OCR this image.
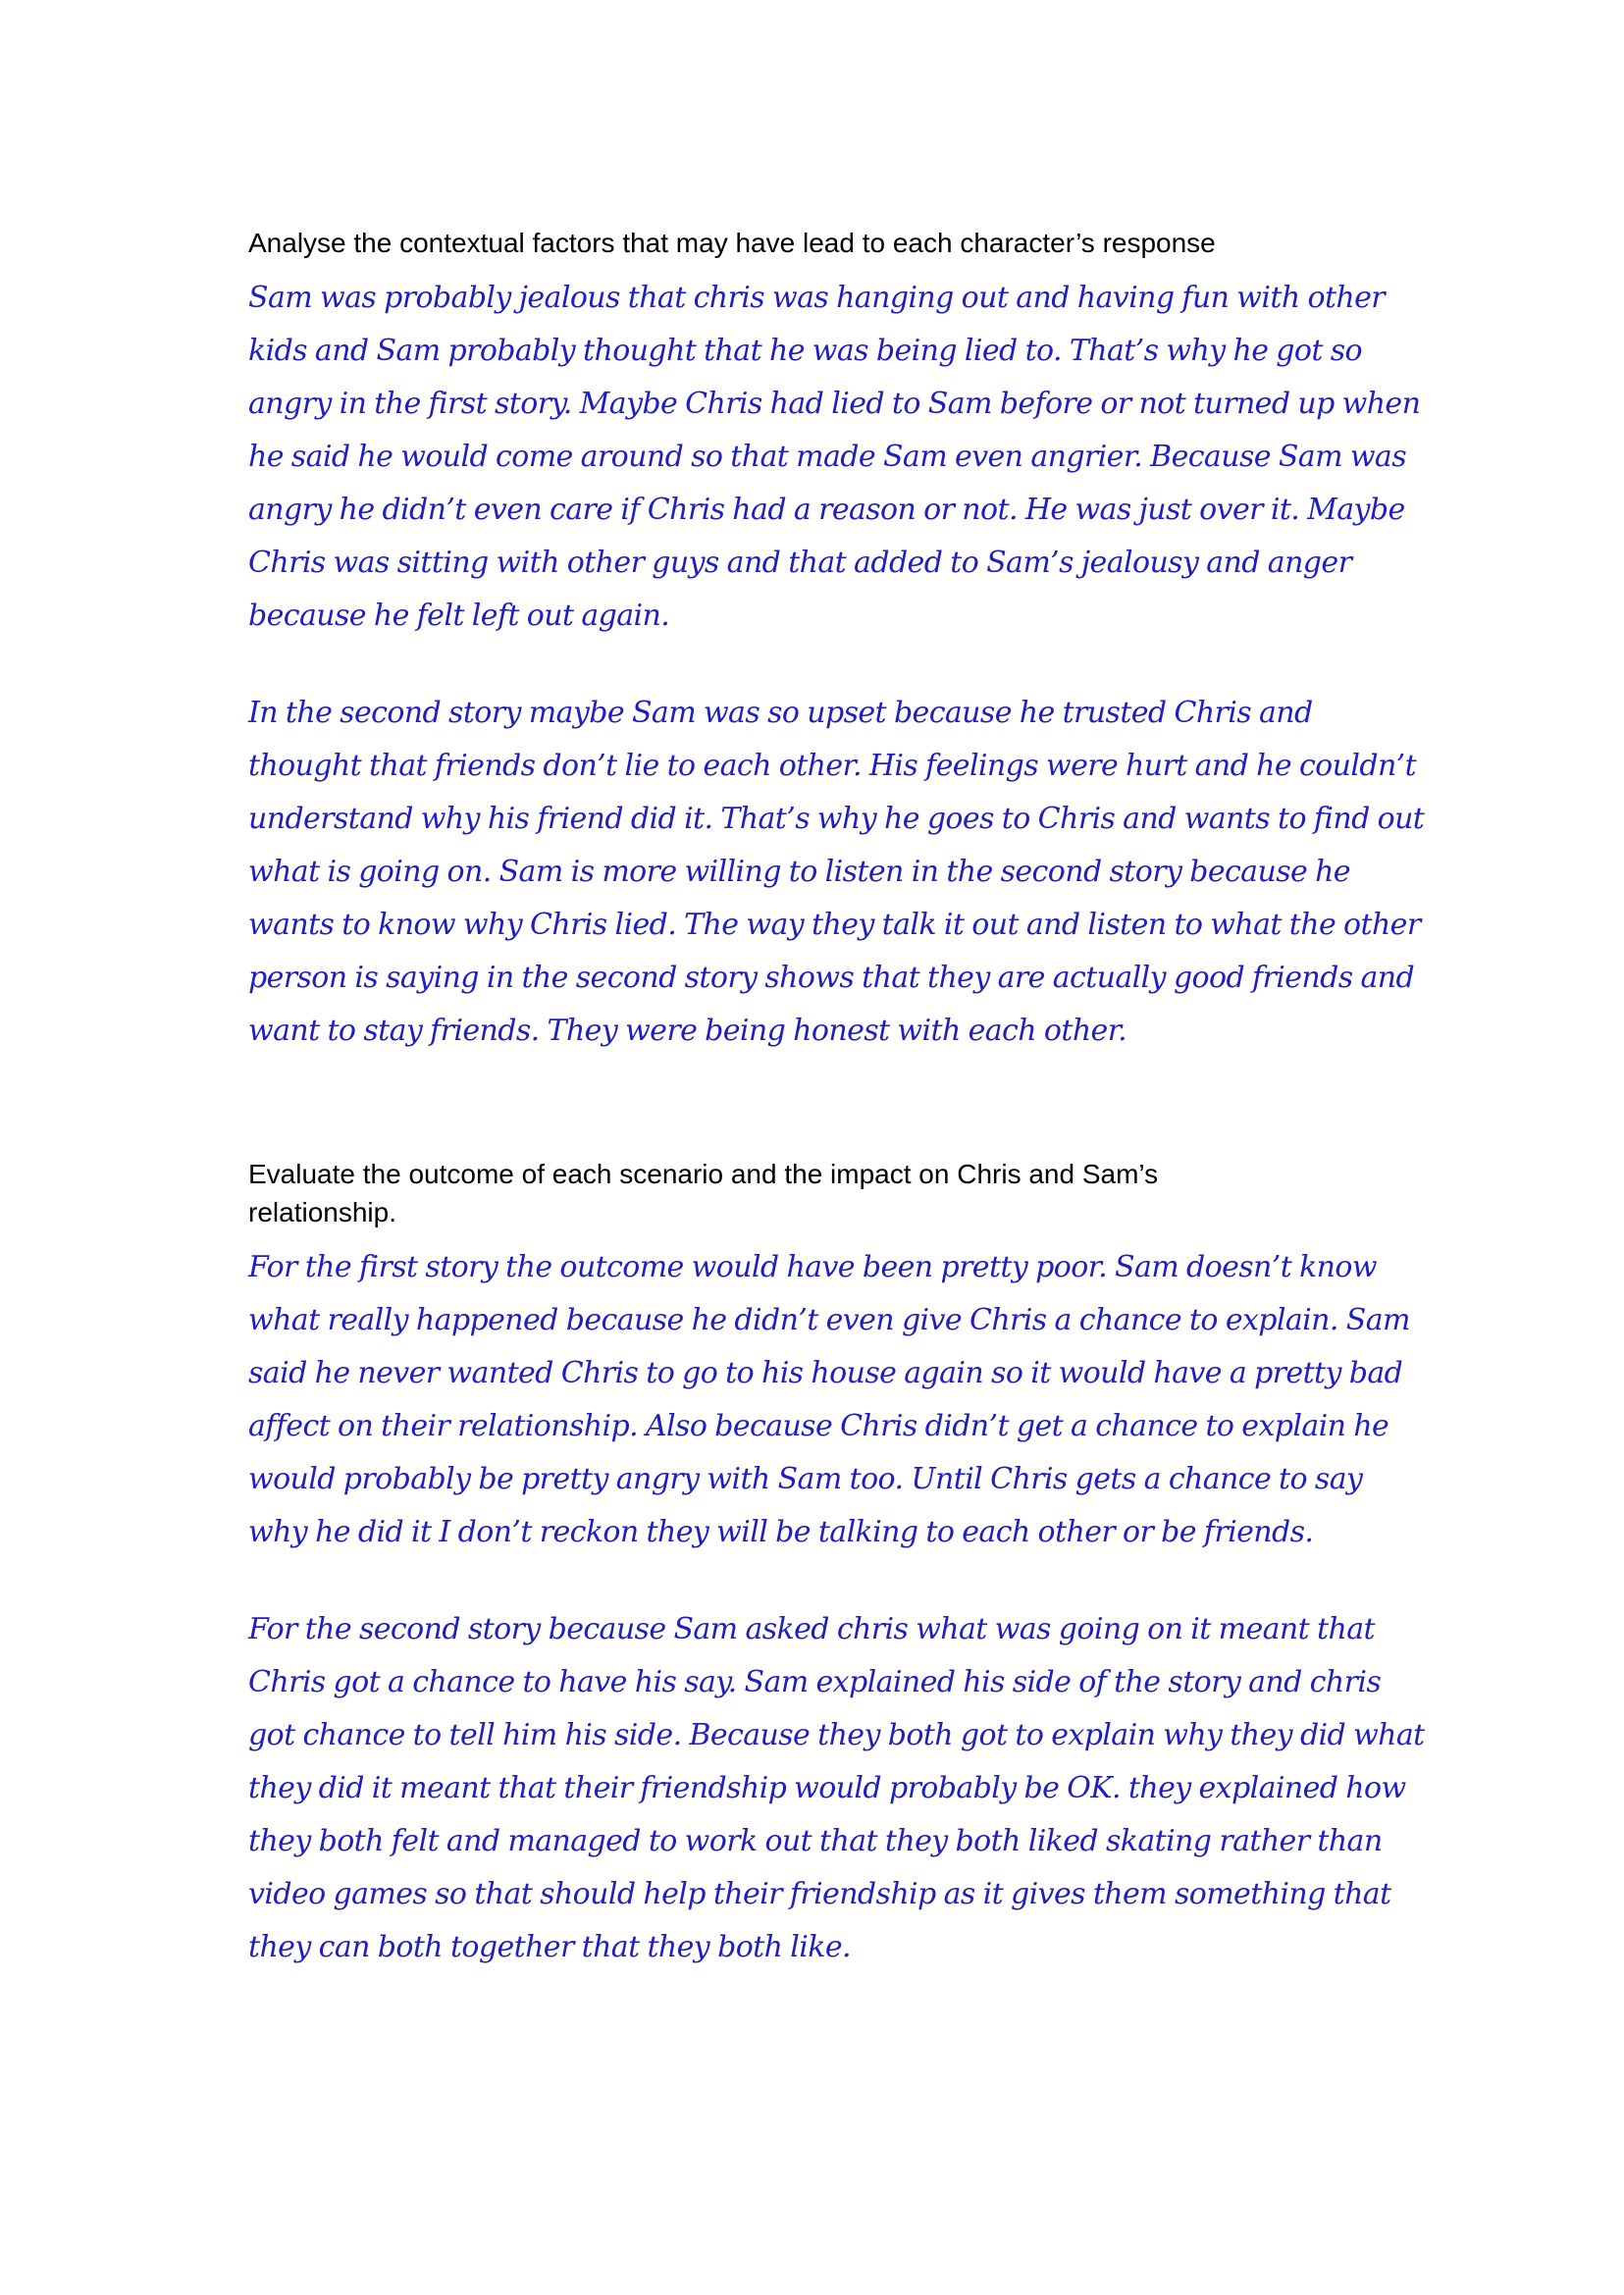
Analyse the contextual factors that may have lead to each character’s response

Sam was probably jealous that chris was hanging out and having fun with other kids and Sam probably thought that he was being lied to. That’s why he got so angry in the first story. Maybe Chris had lied to Sam before or not turned up when he said he would come around so that made Sam even angrier. Because Sam was angry he didn’t even care if Chris had a reason or not. He was just over it. Maybe Chris was sitting with other guys and that added to Sam’s jealousy and anger because he felt left out again.

In the second story maybe Sam was so upset because he trusted Chris and thought that friends don’t lie to each other. His feelings were hurt and he couldn’t understand why his friend did it. That’s why he goes to Chris and wants to find out what is going on. Sam is more willing to listen in the second story because he wants to know why Chris lied. The way they talk it out and listen to what the other person is saying in the second story shows that they are actually good friends and want to stay friends. They were being honest with each other.

Evaluate the outcome of each scenario and the impact on Chris and Sam’s relationship.

For the first story the outcome would have been pretty poor. Sam doesn’t know what really happened because he didn’t even give Chris a chance to explain. Sam said he never wanted Chris to go to his house again so it would have a pretty bad affect on their relationship. Also because Chris didn’t get a chance to explain he would probably be pretty angry with Sam too. Until Chris gets a chance to say why he did it I don’t reckon they will be talking to each other or be friends.

For the second story because Sam asked chris what was going on it meant that Chris got a chance to have his say. Sam explained his side of the story and chris got chance to tell him his side. Because they both got to explain why they did what they did it meant that their friendship would probably be OK. they explained how they both felt and managed to work out that they both liked skating rather than video games so that should help their friendship as it gives them something that they can both together that they both like.
